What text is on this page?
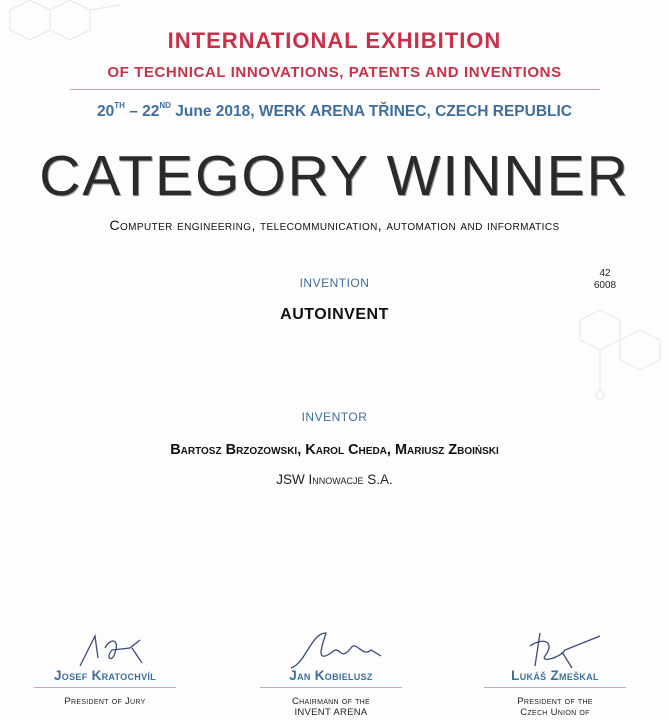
INTERNATIONAL EXHIBITION
OF TECHNICAL INNOVATIONS, PATENTS AND INVENTIONS
20TH – 22ND June 2018, WERK ARENA TŘINEC, CZECH REPUBLIC
CATEGORY WINNER
Computer engineering, telecommunication, automation and informatics
INVENTION
42
6008
AUTOINVENT
INVENTOR
Bartosz Brzozowski, Karol Cheda, Mariusz Zboiński
JSW Innowacje S.A.
Josef Kratochvíl
President of Jury
Jan Kobielusz
Chairmann of the
INVENT ARENA
Lukáš Zmeškal
President of the
Czech Union of
